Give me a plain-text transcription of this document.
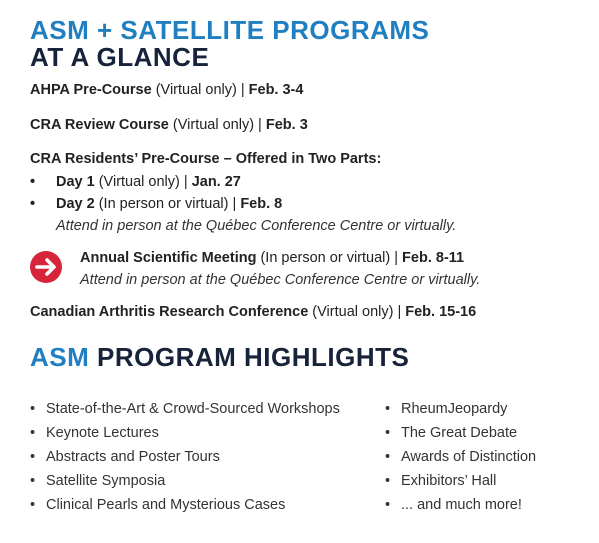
ASM + SATELLITE PROGRAMS
AT A GLANCE
AHPA Pre-Course (Virtual only) | Feb. 3-4
CRA Review Course (Virtual only) | Feb. 3
CRA Residents’ Pre-Course – Offered in Two Parts:
• Day 1 (Virtual only) | Jan. 27
• Day 2 (In person or virtual) | Feb. 8
Attend in person at the Québec Conference Centre or virtually.
Annual Scientific Meeting (In person or virtual) | Feb. 8-11
Attend in person at the Québec Conference Centre or virtually.
Canadian Arthritis Research Conference (Virtual only) | Feb. 15-16
ASM PROGRAM HIGHLIGHTS
• State-of-the-Art & Crowd-Sourced Workshops
• Keynote Lectures
• Abstracts and Poster Tours
• Satellite Symposia
• Clinical Pearls and Mysterious Cases
• RheumJeopardy
• The Great Debate
• Awards of Distinction
• Exhibitors’ Hall
• ... and much more!
